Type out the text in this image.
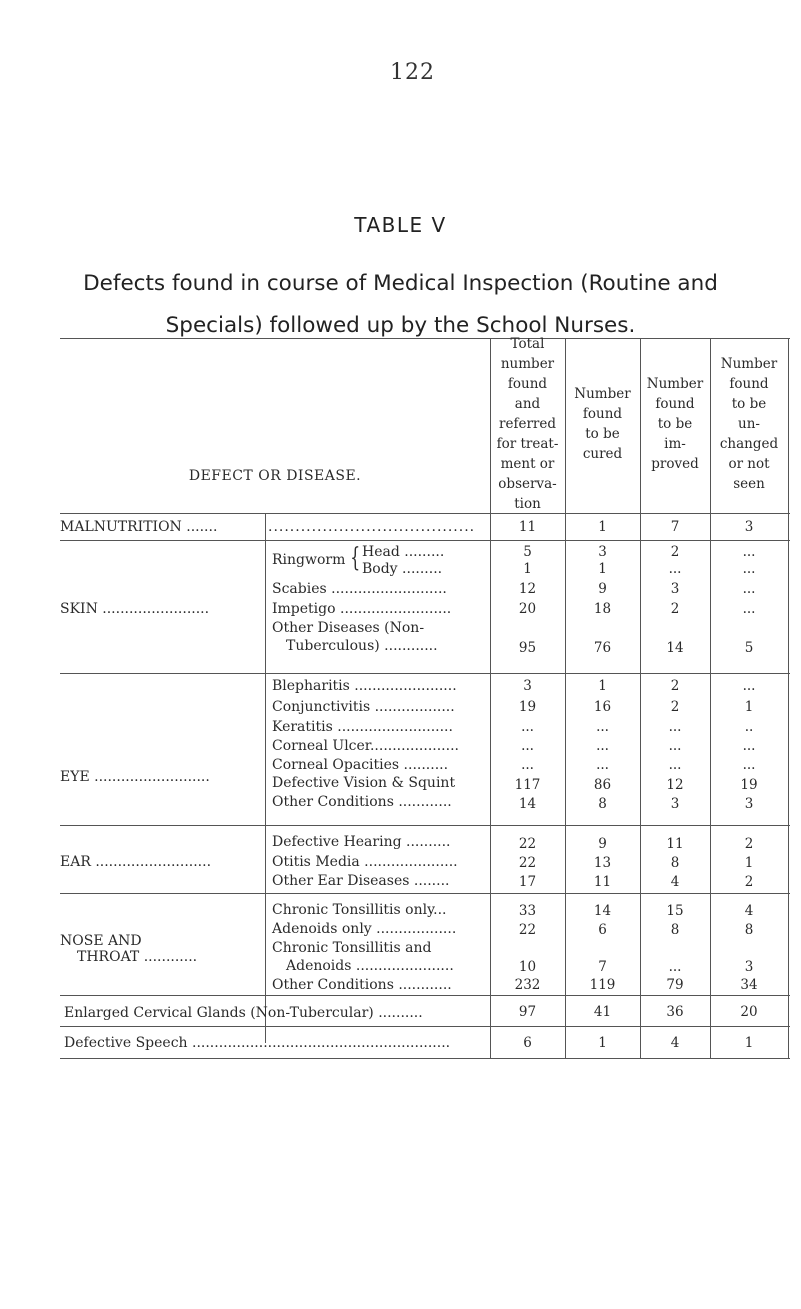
122
TABLE V
Defects found in course of Medical Inspection (Routine and
Specials) followed up by the School Nurses.
DEFECT OR DISEASE.
Total
number
found
and
referred
for treat-
ment or
observa-
tion
Number
found
to be
cured
Number
found
to be
im-
proved
Number
found
to be
un-
changed
or not
seen
MALNUTRITION .......	......................................	11	1	7	3
SKIN ........................
Ringworm { Head .........	5	3	2	...
Body .........	1	1	...	...
Scabies ..........................	12	9	3	...
Impetigo .........................	20	18	2	...
Other Diseases (Non-
Tuberculous) ............	95	76	14	5
EYE ..........................
Blepharitis .......................	3	1	2	...
Conjunctivitis ..................	19	16	2	1
Keratitis ..........................	...	...	...	..
Corneal Ulcer....................	...	...	...	...
Corneal Opacities ..........	...	...	...	...
Defective Vision & Squint	117	86	12	19
Other Conditions ............	14	8	3	3
EAR ..........................
Defective Hearing ..........	22	9	11	2
Otitis Media .....................	22	13	8	1
Other Ear Diseases ........	17	11	4	2
NOSE AND
THROAT ............
Chronic Tonsillitis only...	33	14	15	4
Adenoids only ..................	22	6	8	8
Chronic Tonsillitis and
Adenoids ......................	10	7	...	3
Other Conditions ............	232	119	79	34
Enlarged Cervical Glands (Non-Tubercular) ..........	97	41	36	20
Defective Speech ..........................................................	6	1	4	1
